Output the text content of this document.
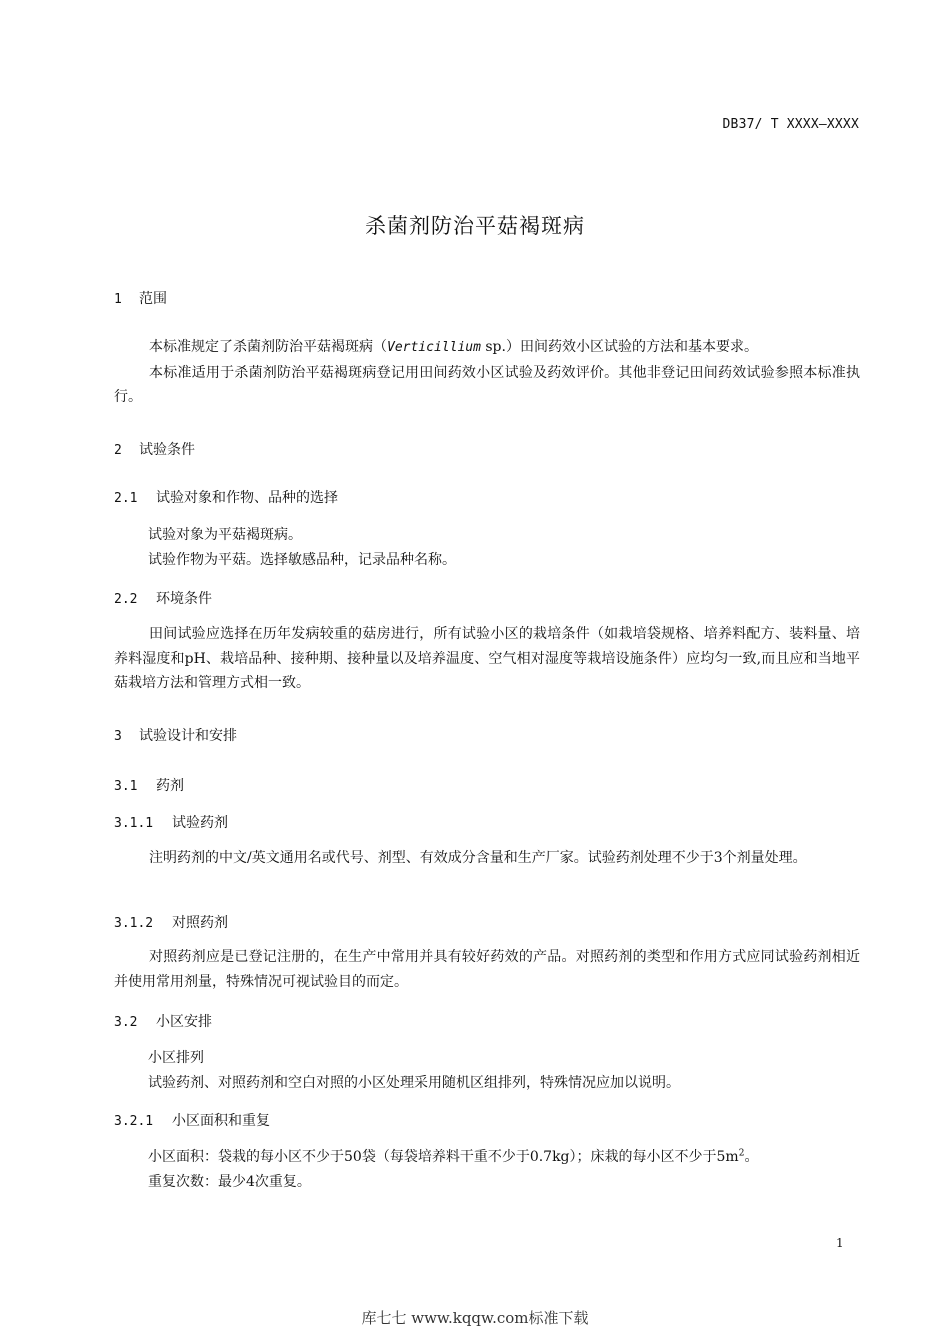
DB37/ T XXXX—XXXX
杀菌剂防治平菇褐斑病
1 范围

本标准规定了杀菌剂防治平菇褐斑病（Verticillium sp.）田间药效小区试验的方法和基本要求。

本标准适用于杀菌剂防治平菇褐斑病登记用田间药效小区试验及药效评价。其他非登记田间药效试验参照本标准执行。

2 试验条件
2.1 试验对象和作物、品种的选择
试验对象为平菇褐斑病。
试验作物为平菇。选择敏感品种，记录品种名称。
2.2 环境条件

田间试验应选择在历年发病较重的菇房进行，所有试验小区的栽培条件（如栽培袋规格、培养料配方、装料量、培养料湿度和pH、栽培品种、接种期、接种量以及培养温度、空气相对湿度等栽培设施条件）应均匀一致,而且应和当地平菇栽培方法和管理方式相一致。

3 试验设计和安排
3.1 药剂
3.1.1 试验药剂

注明药剂的中文/英文通用名或代号、剂型、有效成分含量和生产厂家。试验药剂处理不少于3个剂量处理。

3.1.2 对照药剂

对照药剂应是已登记注册的，在生产中常用并具有较好药效的产品。对照药剂的类型和作用方式应同试验药剂相近并使用常用剂量，特殊情况可视试验目的而定。

3.2 小区安排
小区排列
试验药剂、对照药剂和空白对照的小区处理采用随机区组排列，特殊情况应加以说明。
3.2.1 小区面积和重复
小区面积：袋栽的每小区不少于50袋（每袋培养料干重不少于0.7kg）；床栽的每小区不少于$5m^2$。
重复次数：最少4次重复。
1
库七七 www.kqqw.com标准下载
